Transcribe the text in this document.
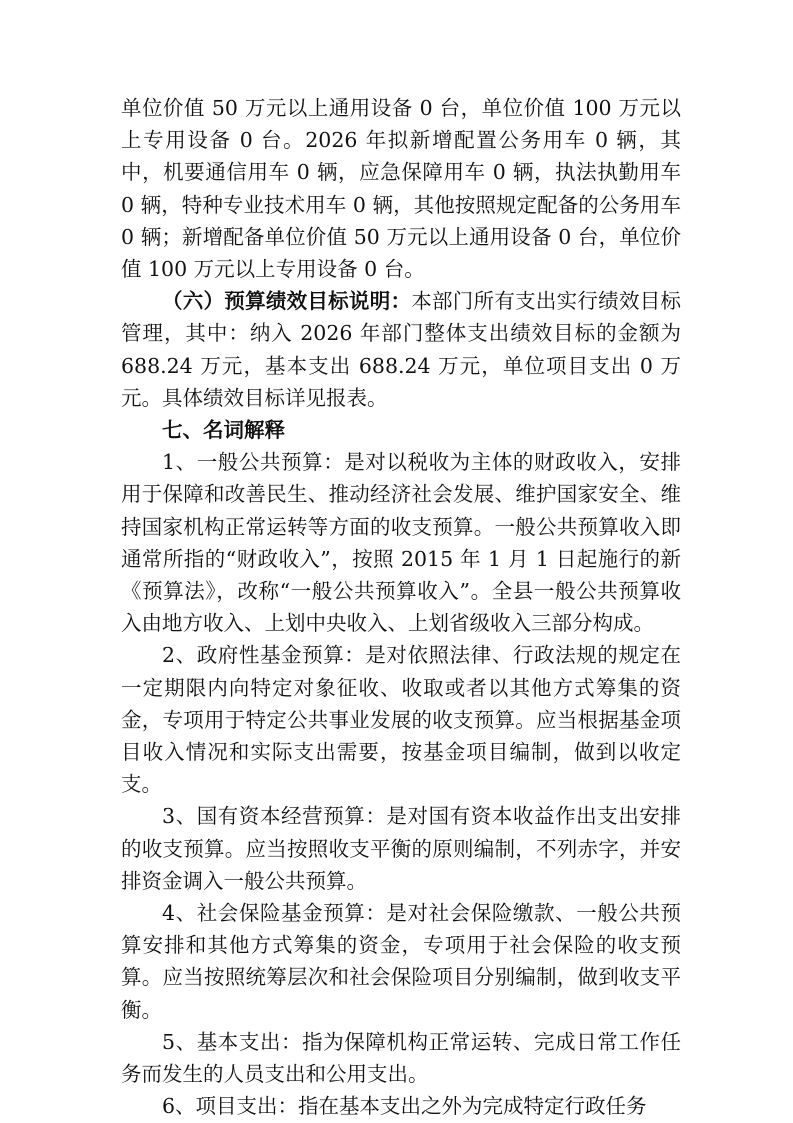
单位价值 50 万元以上通用设备 0 台，单位价值 100 万元以上专用设备 0 台。2026 年拟新增配置公务用车 0 辆，其中，机要通信用车 0 辆，应急保障用车 0 辆，执法执勤用车 0 辆，特种专业技术用车 0 辆，其他按照规定配备的公务用车 0 辆；新增配备单位价值 50 万元以上通用设备 0 台，单位价值 100 万元以上专用设备 0 台。

（六）预算绩效目标说明：本部门所有支出实行绩效目标管理，其中：纳入 2026 年部门整体支出绩效目标的金额为688.24 万元，基本支出 688.24 万元，单位项目支出 0 万元。具体绩效目标详见报表。

七、名词解释

1、一般公共预算：是对以税收为主体的财政收入，安排用于保障和改善民生、推动经济社会发展、维护国家安全、维持国家机构正常运转等方面的收支预算。一般公共预算收入即通常所指的“财政收入”，按照 2015 年 1 月 1 日起施行的新《预算法》，改称“一般公共预算收入”。全县一般公共预算收入由地方收入、上划中央收入、上划省级收入三部分构成。

2、政府性基金预算：是对依照法律、行政法规的规定在一定期限内向特定对象征收、收取或者以其他方式筹集的资金，专项用于特定公共事业发展的收支预算。应当根据基金项目收入情况和实际支出需要，按基金项目编制，做到以收定支。

3、国有资本经营预算：是对国有资本收益作出支出安排的收支预算。应当按照收支平衡的原则编制，不列赤字，并安排资金调入一般公共预算。

4、社会保险基金预算：是对社会保险缴款、一般公共预算安排和其他方式筹集的资金，专项用于社会保险的收支预算。应当按照统筹层次和社会保险项目分别编制，做到收支平衡。

5、基本支出：指为保障机构正常运转、完成日常工作任务而发生的人员支出和公用支出。

6、项目支出：指在基本支出之外为完成特定行政任务
